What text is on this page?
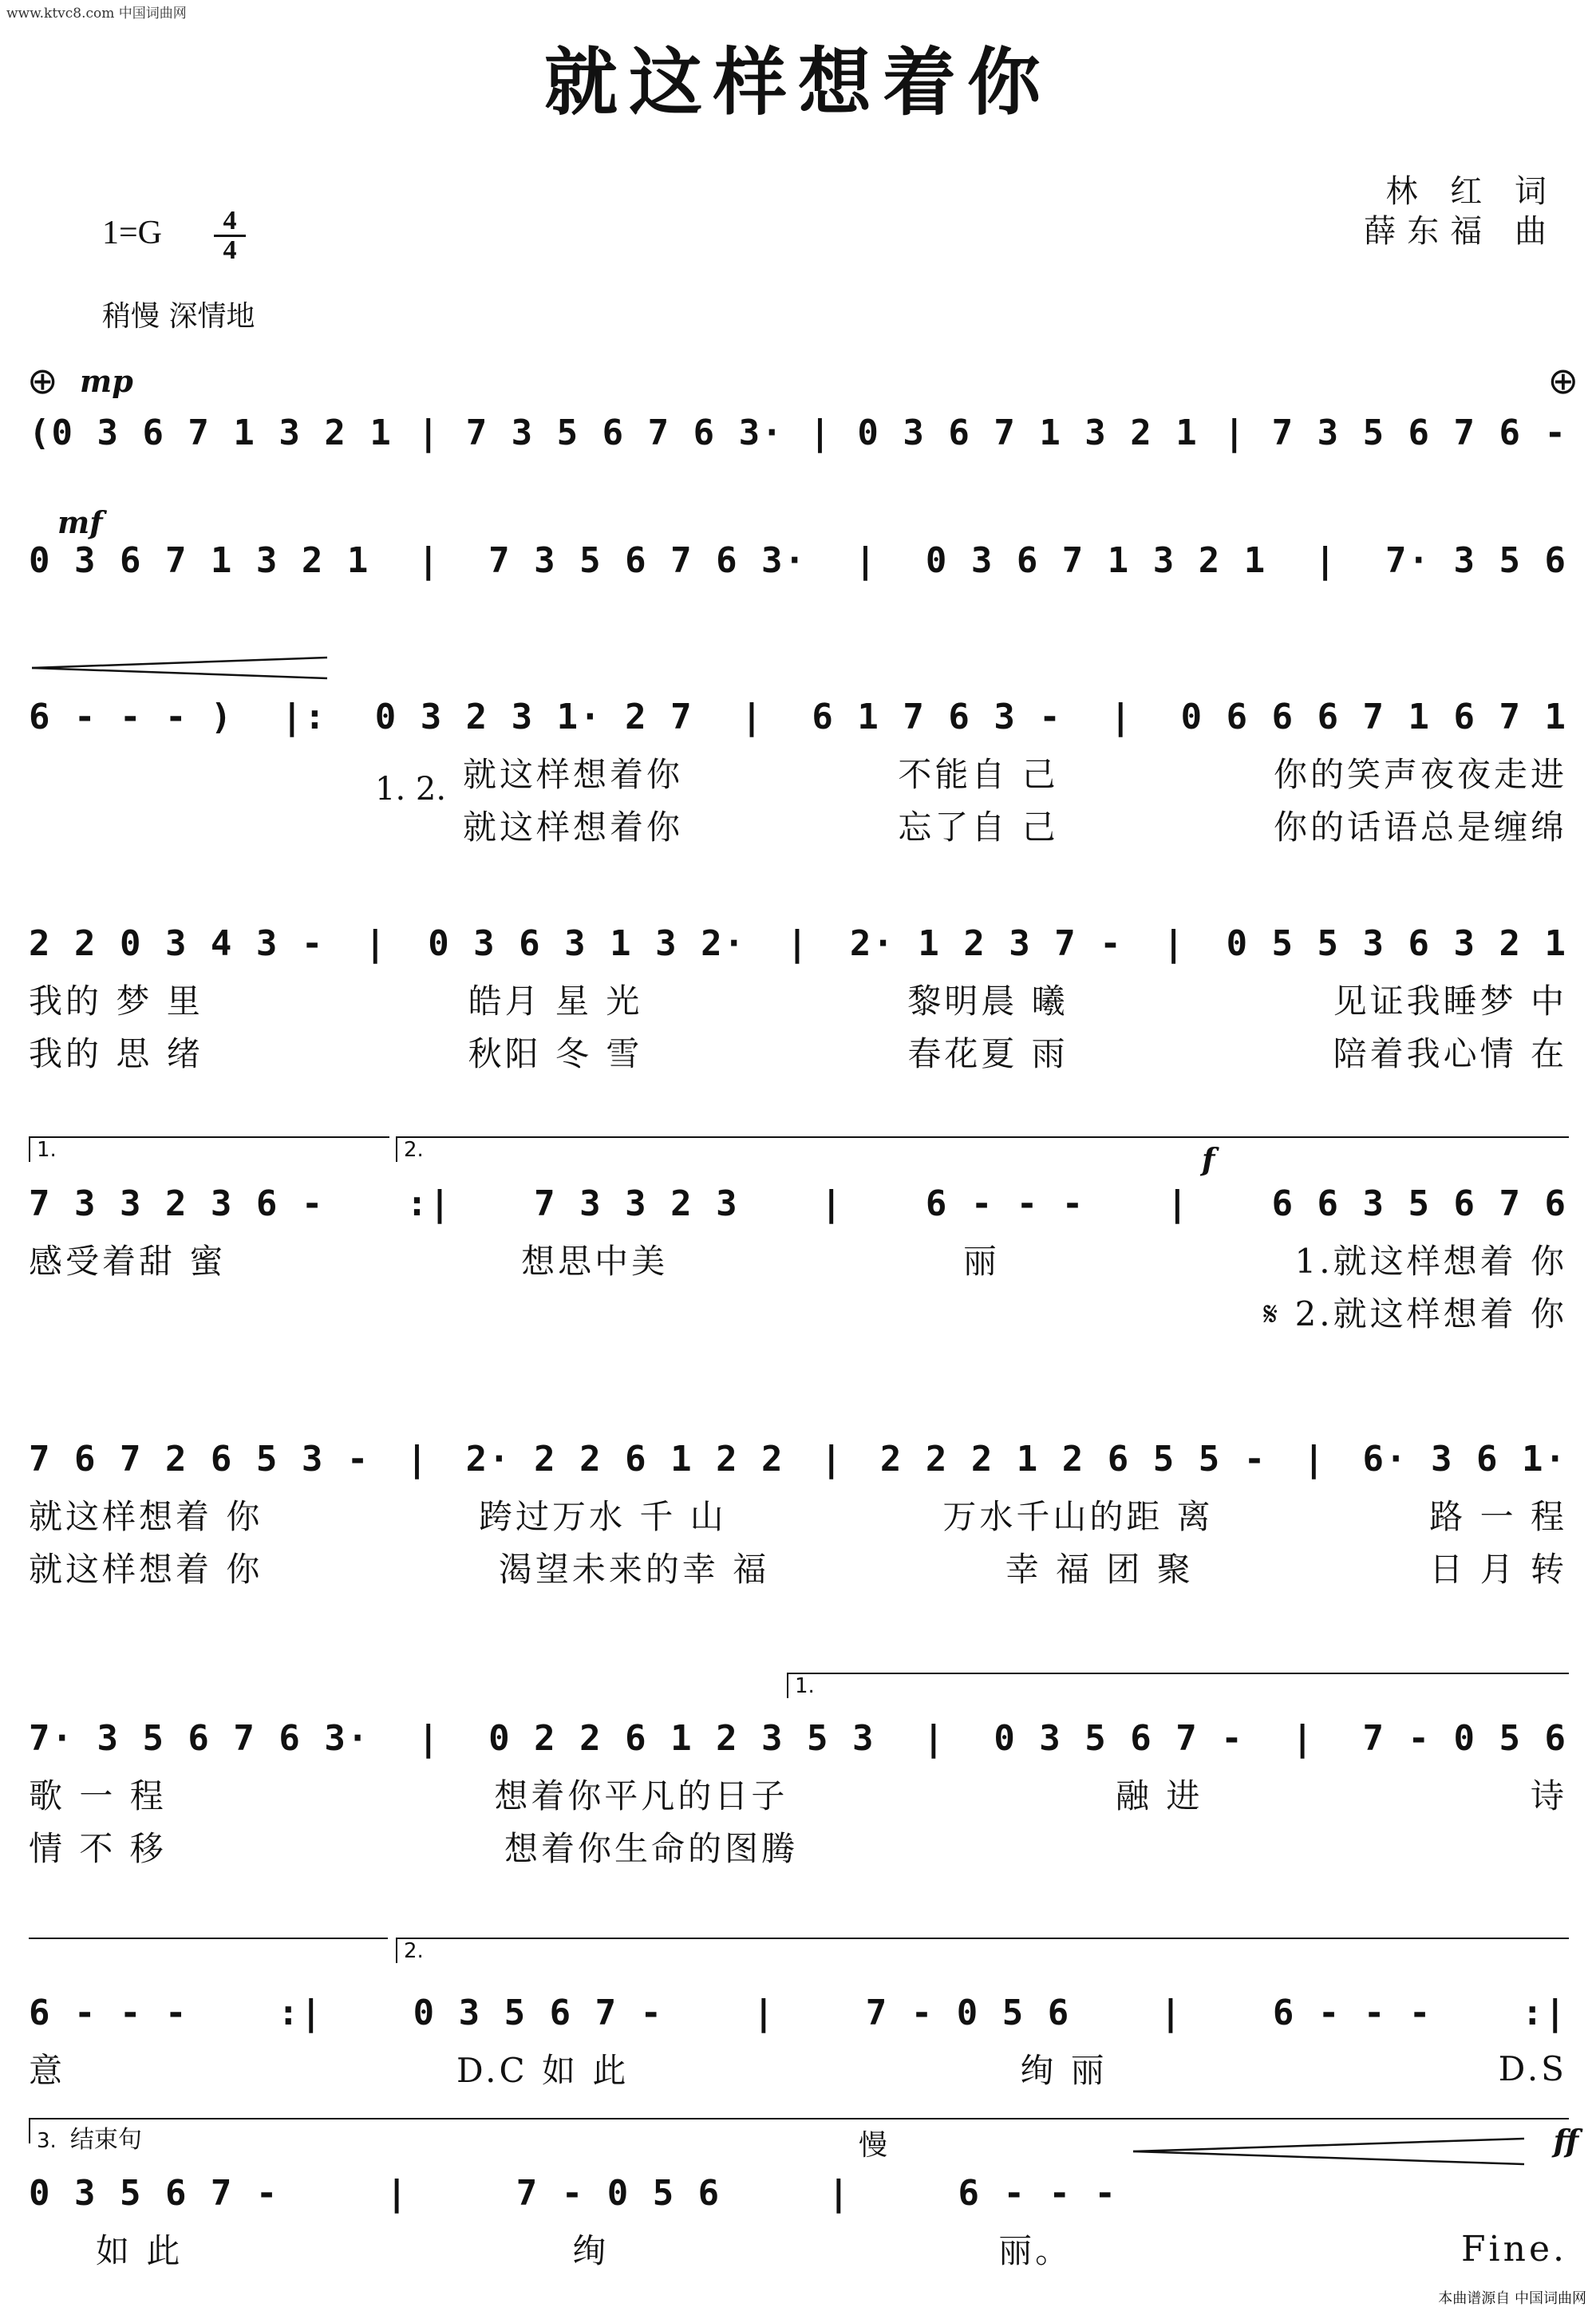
www.ktvc8.com 中国词曲网
就这样想着你
林 红 词
薛东福 曲
1=G	4
4
稍慢 深情地
⊕ mp	⊕
(0 3 6 7 1 3 2 1 | 7 3 5 6 7 6 3· | 0 3 6 7 1 3 2 1 | 7 3 5 6 7 6 -
mf
0 3 6 7 1 3 2 1 | 7 3 5 6 7 6 3· | 0 3 6 7 1 3 2 1 | 7· 3 5 6
6 - - - ) |: 0 3 2 3 1· 2 7 | 6 1 7 6 3 - | 0 6 6 6 7 1 6 7 1
1. 2. 就这样想着你	不能自 己	你的笑声夜夜走进
就这样想着你	忘了自 己	你的话语总是缠绵
2 2 0 3 4 3 - | 0 3 6 3 1 3 2· | 2· 1 2 3 7 - | 0 5 5 3 6 3 2 1
我的 梦 里	皓月 星 光	黎明晨 曦	见证我睡梦 中
我的 思 绪	秋阳 冬 雪	春花夏 雨	陪着我心情 在
1.	2.	f
7 3 3 2 3 6 - :| 7 3 3 2 3 | 6 - - - | 6 6 3 5 6 7 6
感受着甜 蜜	想思中美	丽	1.就这样想着 你
𝄋 2.就这样想着 你
7 6 7 2 6 5 3 - | 2· 2 2 6 1 2 2 | 2 2 2 1 2 6 5 5 - | 6· 3 6 1·
就这样想着 你	跨过万水 千 山	万水千山的距 离	路 一 程
就这样想着 你	渴望未来的幸 福	幸 福 团 聚	日 月 转
1.
7· 3 5 6 7 6 3· | 0 2 2 6 1 2 3 5 3 | 0 3 5 6 7 - | 7 - 0 5 6
歌 一 程	想着你平凡的日子	融 进	诗
情 不 移	想着你生命的图腾
2.
6 - - -	:|	0 3 5 6 7 -	|	7 - 0 5 6	|	6 - - -	:|
意	D.C 如 此	绚 丽	D.S
3. 结束句	慢	ff
0 3 5 6 7 -	|	7 - 0 5 6	|	6 - - -
如 此	绚	丽。	Fine.
本曲谱源自 中国词曲网
